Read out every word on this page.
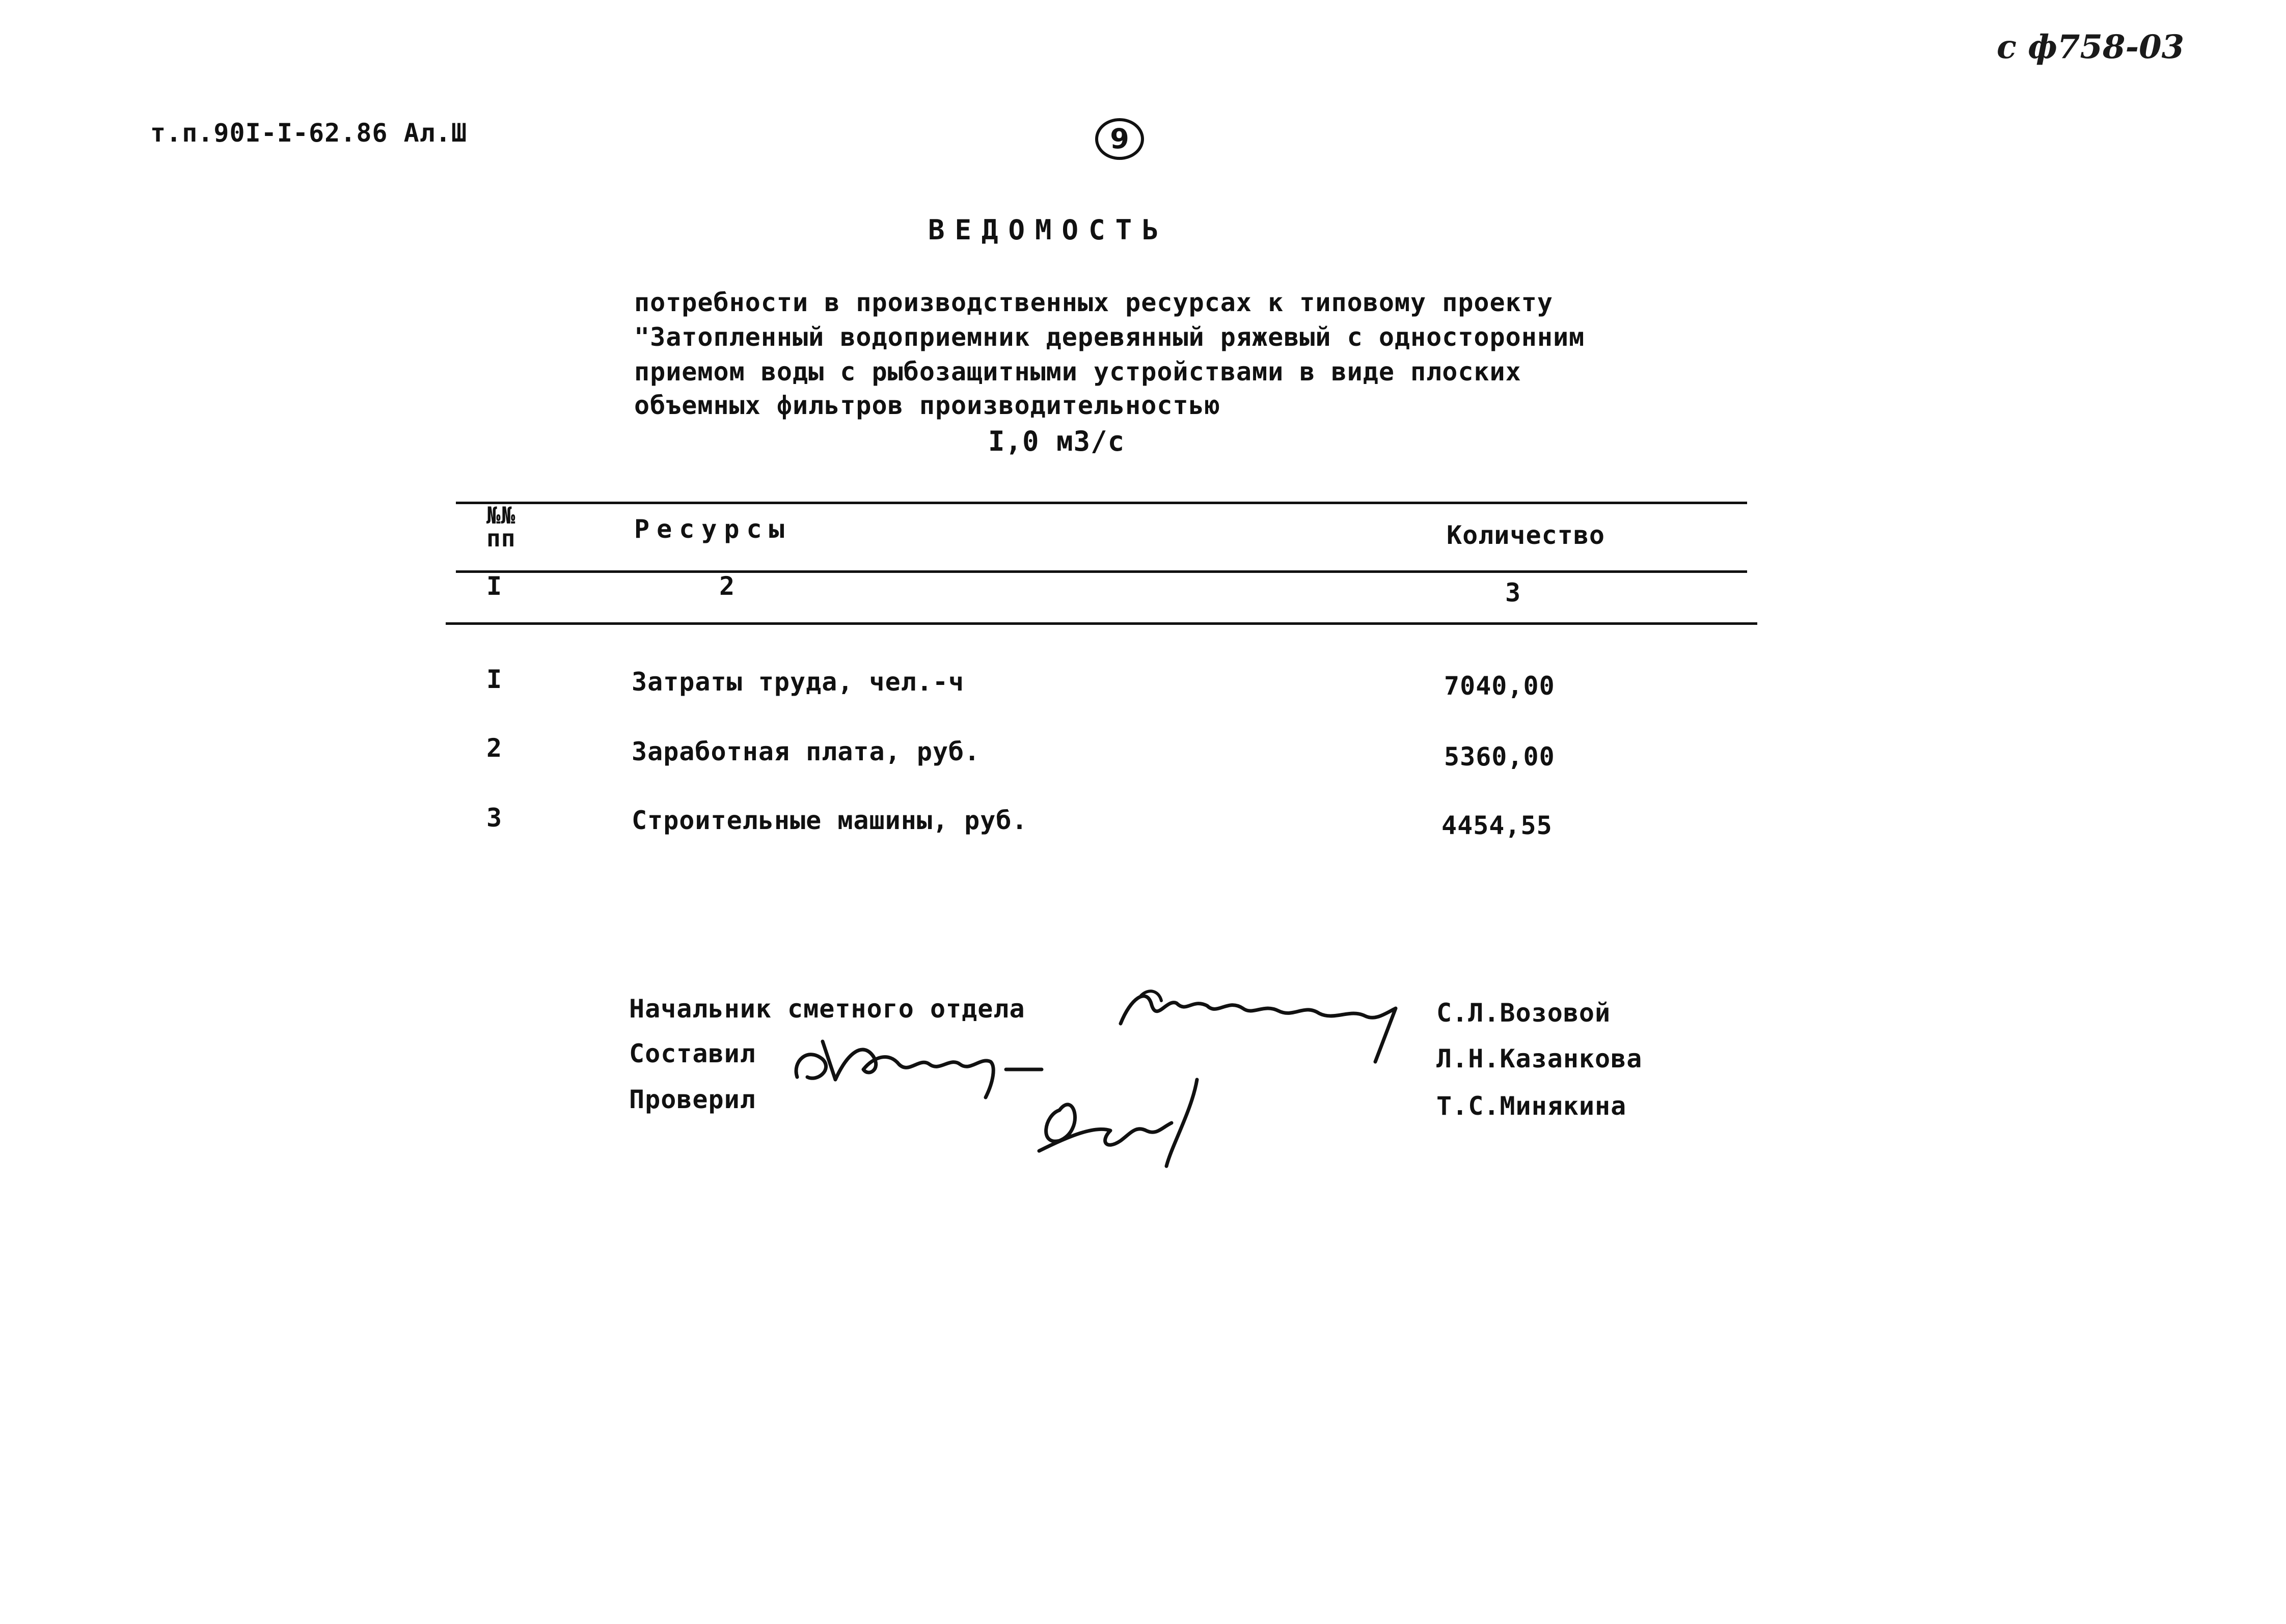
с ф758-03
т.п.90I-I-62.86 Ал.Ш	9
ВЕДОМОСТЬ
потребности в производственных ресурсах к типовому проекту
"Затопленный водоприемник деревянный ряжевый с односторонним
приемом воды с рыбозащитными устройствами в виде плоских
объемных фильтров производительностью
I,0 м3/с
№№
пп	Ресурсы	Количество
I	2	3
I	Затраты труда, чел.-ч	7040,00
2	Заработная плата, руб.	5360,00
3	Строительные машины, руб.	4454,55
Начальник сметного отдела
Составил
Проверил
С.Л.Возовой
Л.Н.Казанкова
Т.С.Минякина
